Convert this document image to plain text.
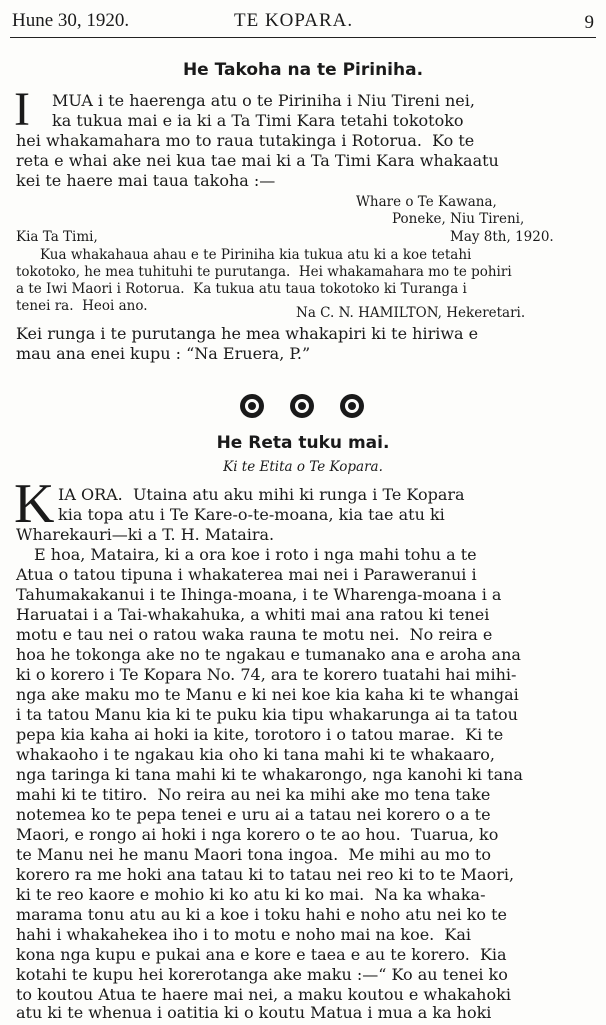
Hune 30, 1920.	TE KOPARA.	9
He Takoha na te Piriniha.
I MUA i te haerenga atu o te Piriniha i Niu Tireni nei,
ka tukua mai e ia ki a Ta Timi Kara tetahi tokotoko
hei whakamahara mo to raua tutakinga i Rotorua.  Ko te
reta e whai ake nei kua tae mai ki a Ta Timi Kara whakaatu
kei te haere mai taua takoha :—
Whare o Te Kawana,
Poneke, Niu Tireni,
Kia Ta Timi,	May 8th, 1920.
Kua whakahaua ahau e te Piriniha kia tukua atu ki a koe tetahi
tokotoko, he mea tuhituhi te purutanga.  Hei whakamahara mo te pohiri
a te Iwi Maori i Rotorua.  Ka tukua atu taua tokotoko ki Turanga i
tenei ra.  Heoi ano.	Na C. N. HAMILTON, Hekeretari.
Kei runga i te purutanga he mea whakapiri ki te hiriwa e
mau ana enei kupu : “Na Eruera, P.”
He Reta tuku mai.
Ki te Etita o Te Kopara.
K IA ORA.  Utaina atu aku mihi ki runga i Te Kopara
kia topa atu i Te Kare-o-te-moana, kia tae atu ki
Wharekauri—ki a T. H. Mataira.
E hoa, Mataira, ki a ora koe i roto i nga mahi tohu a te
Atua o tatou tipuna i whakaterea mai nei i Paraweranui i
Tahumakakanui i te Ihinga-moana, i te Wharenga-moana i a
Haruatai i a Tai-whakahuka, a whiti mai ana ratou ki tenei
motu e tau nei o ratou waka rauna te motu nei.  No reira e
hoa he tokonga ake no te ngakau e tumanako ana e aroha ana
ki o korero i Te Kopara No. 74, ara te korero tuatahi hai mihi-
nga ake maku mo te Manu e ki nei koe kia kaha ki te whangai
i ta tatou Manu kia ki te puku kia tipu whakarunga ai ta tatou
pepa kia kaha ai hoki ia kite, torotoro i o tatou marae.  Ki te
whakaoho i te ngakau kia oho ki tana mahi ki te whakaaro,
nga taringa ki tana mahi ki te whakarongo, nga kanohi ki tana
mahi ki te titiro.  No reira au nei ka mihi ake mo tena take
notemea ko te pepa tenei e uru ai a tatau nei korero o a te
Maori, e rongo ai hoki i nga korero o te ao hou.  Tuarua, ko
te Manu nei he manu Maori tona ingoa.  Me mihi au mo to
korero ra me hoki ana tatau ki to tatau nei reo ki to te Maori,
ki te reo kaore e mohio ki ko atu ki ko mai.  Na ka whaka-
marama tonu atu au ki a koe i toku hahi e noho atu nei ko te
hahi i whakahekea iho i to motu e noho mai na koe.  Kai
kona nga kupu e pukai ana e kore e taea e au te korero.  Kia
kotahi te kupu hei korerotanga ake maku :—“ Ko au tenei ko
to koutou Atua te haere mai nei, a maku koutou e whakahoki
atu ki te whenua i oatitia ki o koutu Matua i mua a ka hoki
